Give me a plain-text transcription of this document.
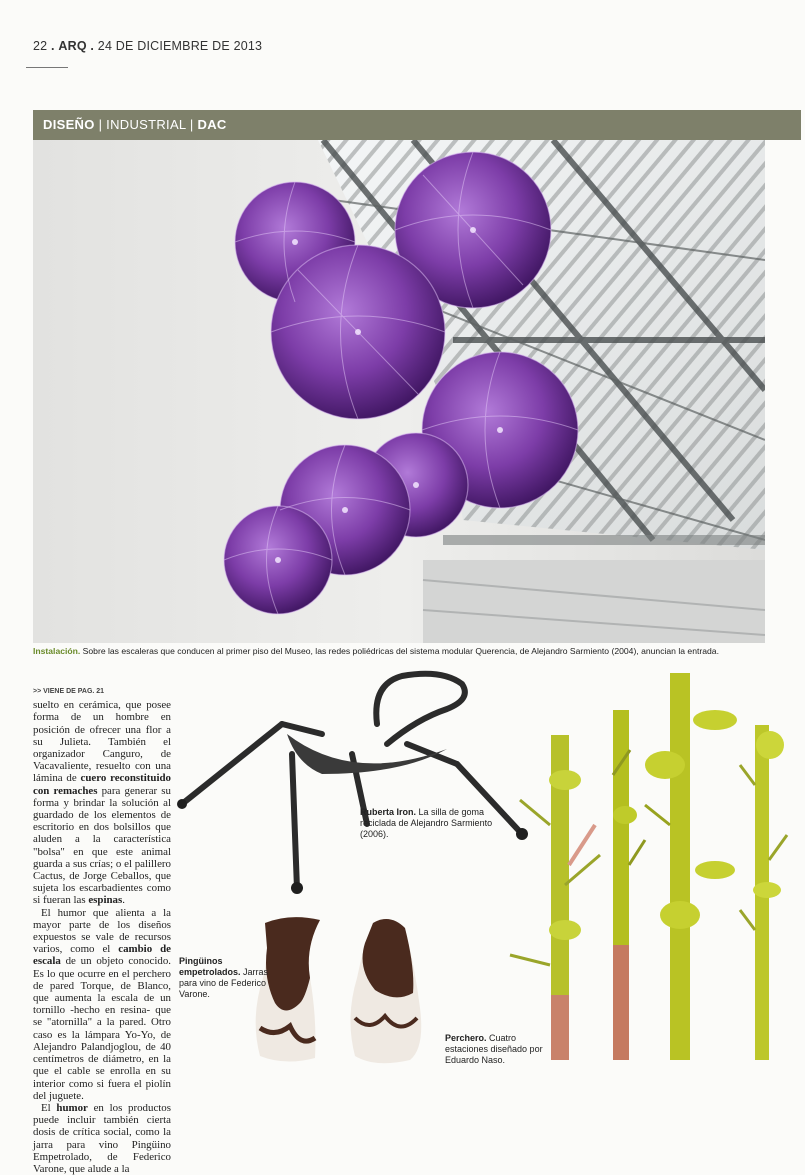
22 . ARQ . 24 DE DICIEMBRE DE 2013
DISEÑO | INDUSTRIAL | DAC
Instalación. Sobre las escaleras que conducen al primer piso del Museo, las redes poliédricas del sistema modular Querencia, de Alejandro Sarmiento (2004), anuncian la entrada.
>> VIENE DE PAG. 21

suelto en cerámica, que posee forma de un hombre en posición de ofrecer una flor a su Julieta. También el organizador Canguro, de Vacavaliente, resuelto con una lámina de cuero reconstituido con remaches para generar su forma y brindar la solución al guardado de los elementos de escritorio en dos bolsillos que aluden a la característica "bolsa" en que este animal guarda a sus crías; o el palillero Cactus, de Jorge Ceballos, que sujeta los escarbadientes como si fueran las espinas.

El humor que alienta a la mayor parte de los diseños expuestos se vale de recursos varios, como el cambio de escala de un objeto conocido. Es lo que ocurre en el perchero de pared Torque, de Blanco, que aumenta la escala de un tornillo -hecho en resina- que se "atornilla" a la pared. Otro caso es la lámpara Yo-Yo, de Alejandro Palandjoglou, de 40 centímetros de diámetro, en la que el cable se enrolla en su interior como si fuera el piolín del juguete.

El humor en los productos puede incluir también cierta dosis de crítica social, como la jarra para vino Pingüino Empetrolado, de Federico Varone, que alude a la

Ruberta Iron. La silla de goma reciclada de Alejandro Sarmiento (2006).
Pingüinos empetrolados. Jarras para vino de Federico Varone.
Perchero. Cuatro estaciones diseñado por Eduardo Naso.
